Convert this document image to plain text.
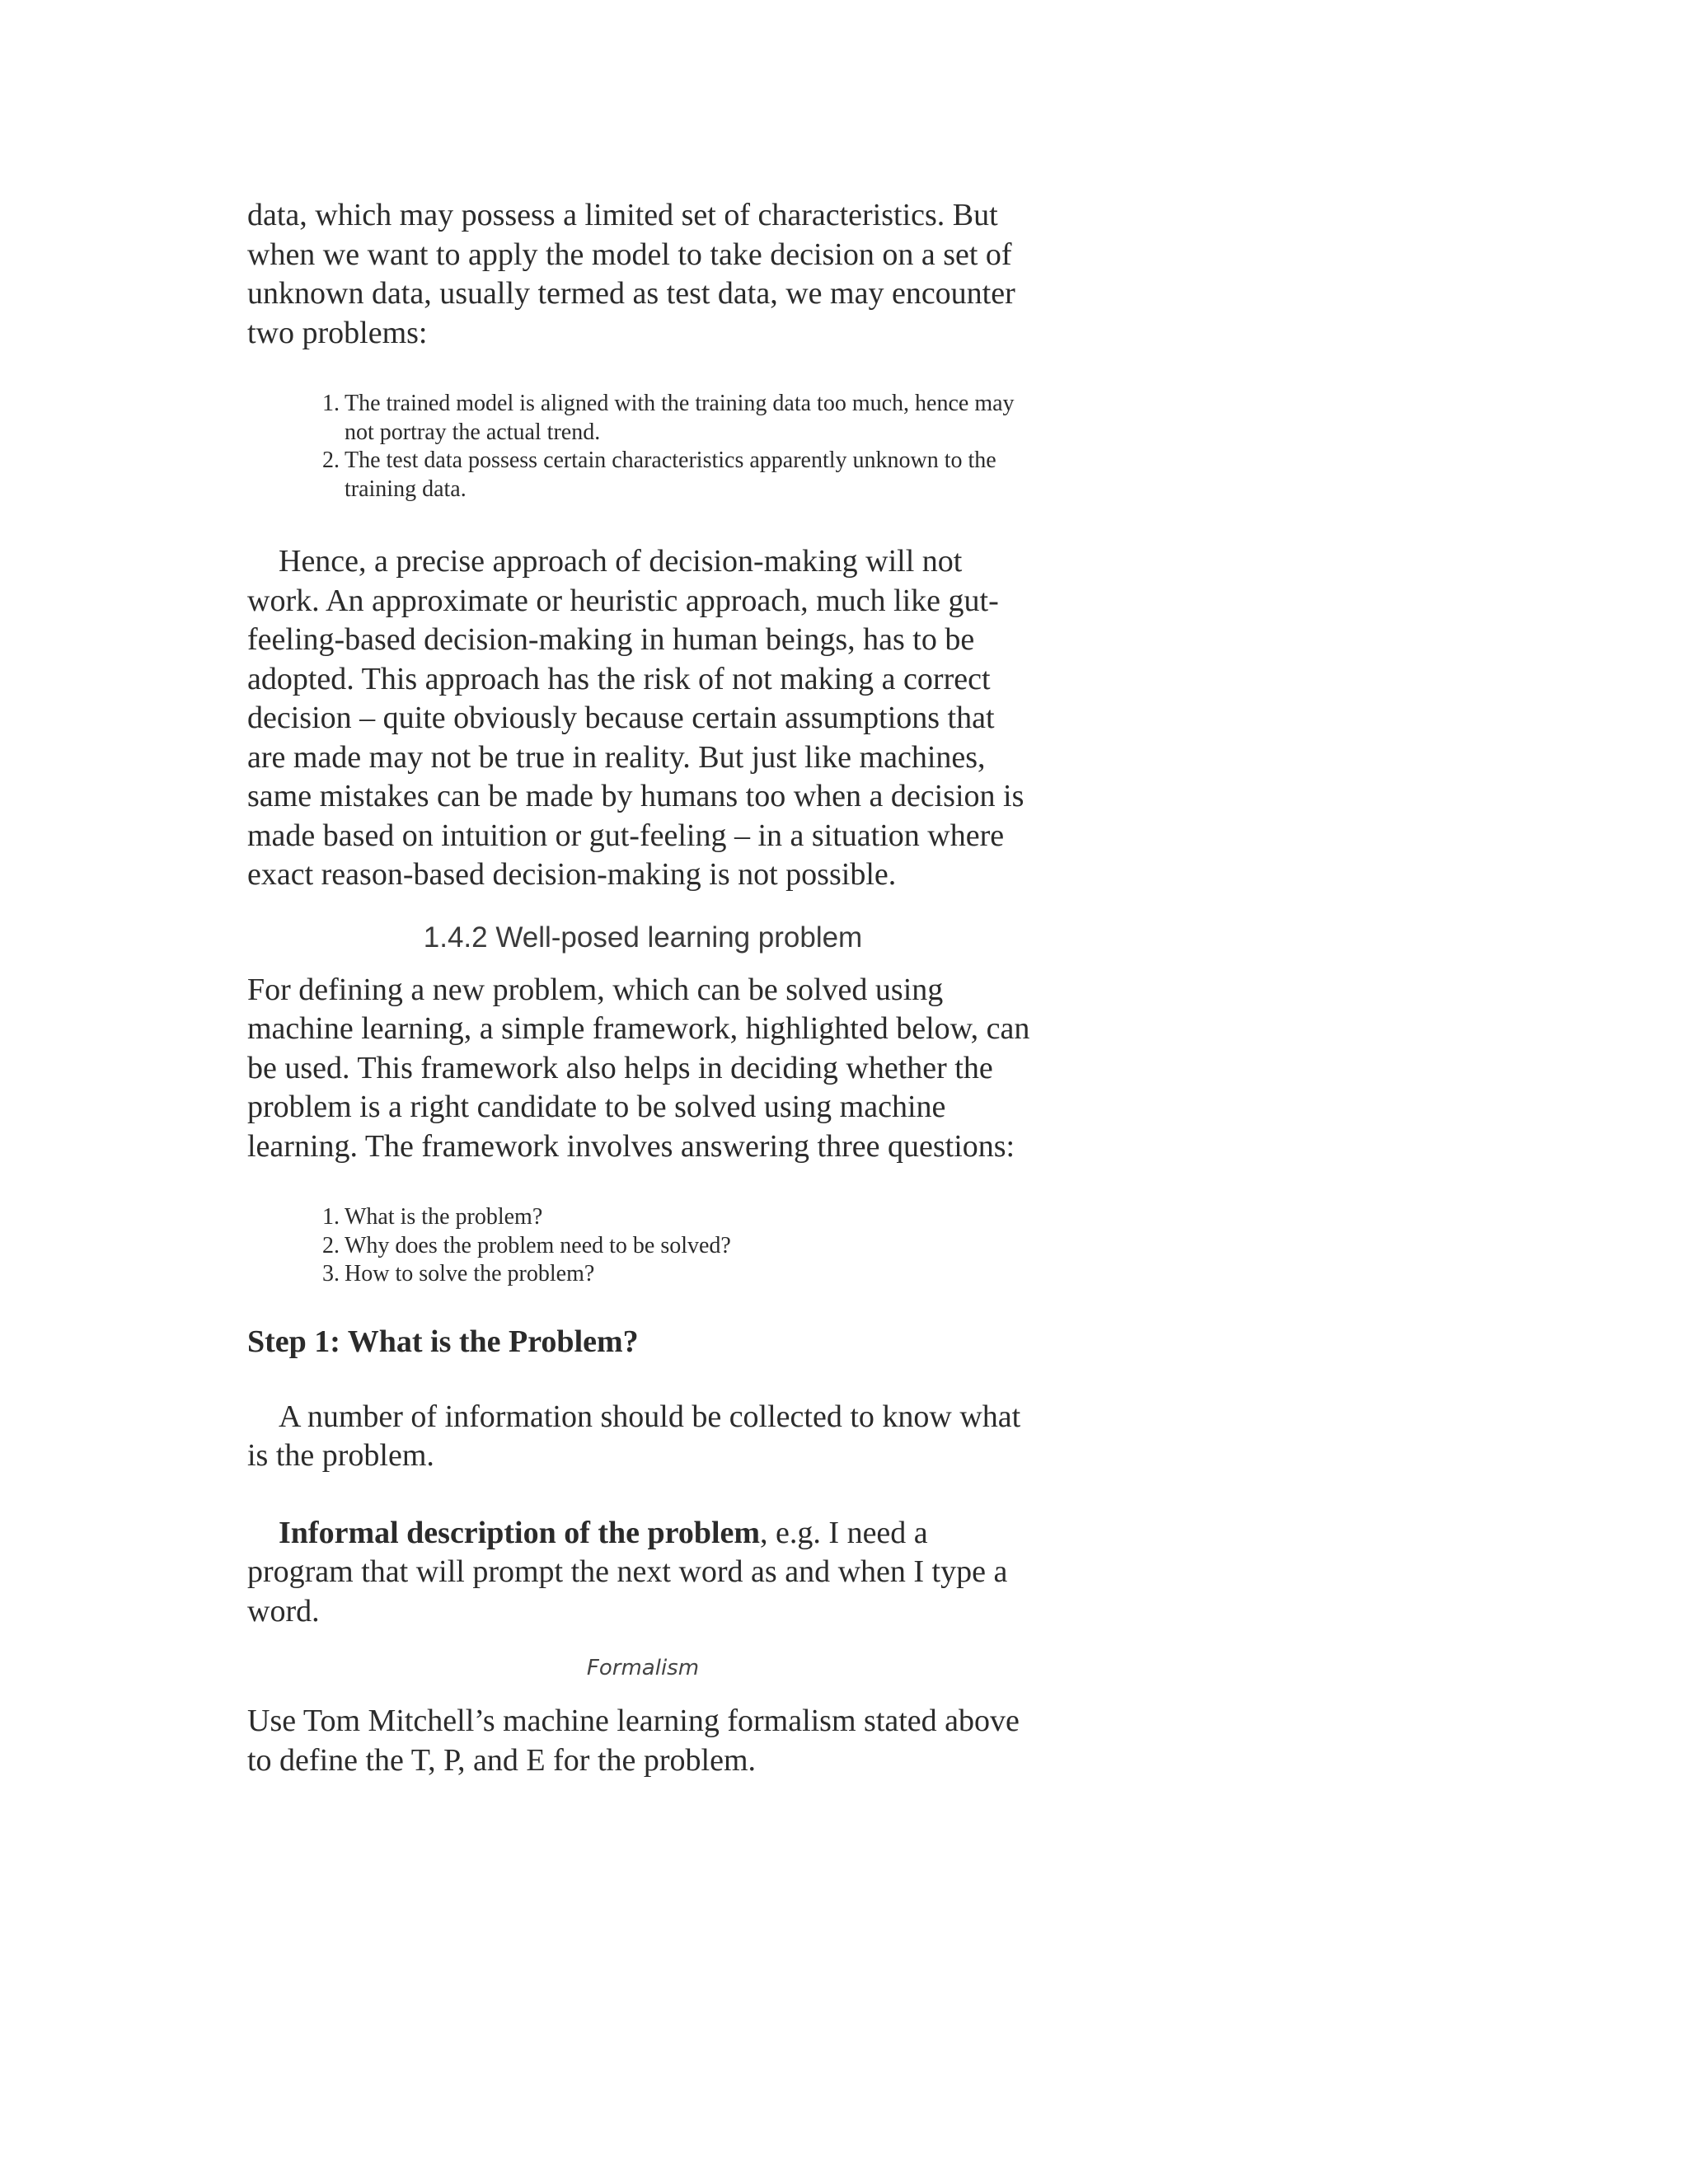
data, which may possess a limited set of characteristics. But when we want to apply the model to take decision on a set of unknown data, usually termed as test data, we may encounter two problems:

1. The trained model is aligned with the training data too much, hence may not portray the actual trend.
2. The test data possess certain characteristics apparently unknown to the training data.

Hence, a precise approach of decision-making will not work. An approximate or heuristic approach, much like gut-feeling-based decision-making in human beings, has to be adopted. This approach has the risk of not making a correct decision – quite obviously because certain assumptions that are made may not be true in reality. But just like machines, same mistakes can be made by humans too when a decision is made based on intuition or gut-feeling – in a situation where exact reason-based decision-making is not possible.

1.4.2 Well-posed learning problem

For defining a new problem, which can be solved using machine learning, a simple framework, highlighted below, can be used. This framework also helps in deciding whether the problem is a right candidate to be solved using machine learning. The framework involves answering three questions:

1. What is the problem?
2. Why does the problem need to be solved?
3. How to solve the problem?
Step 1: What is the Problem?

A number of information should be collected to know what is the problem.

Informal description of the problem, e.g. I need a program that will prompt the next word as and when I type a word.

Formalism

Use Tom Mitchell’s machine learning formalism stated above to define the T, P, and E for the problem.
